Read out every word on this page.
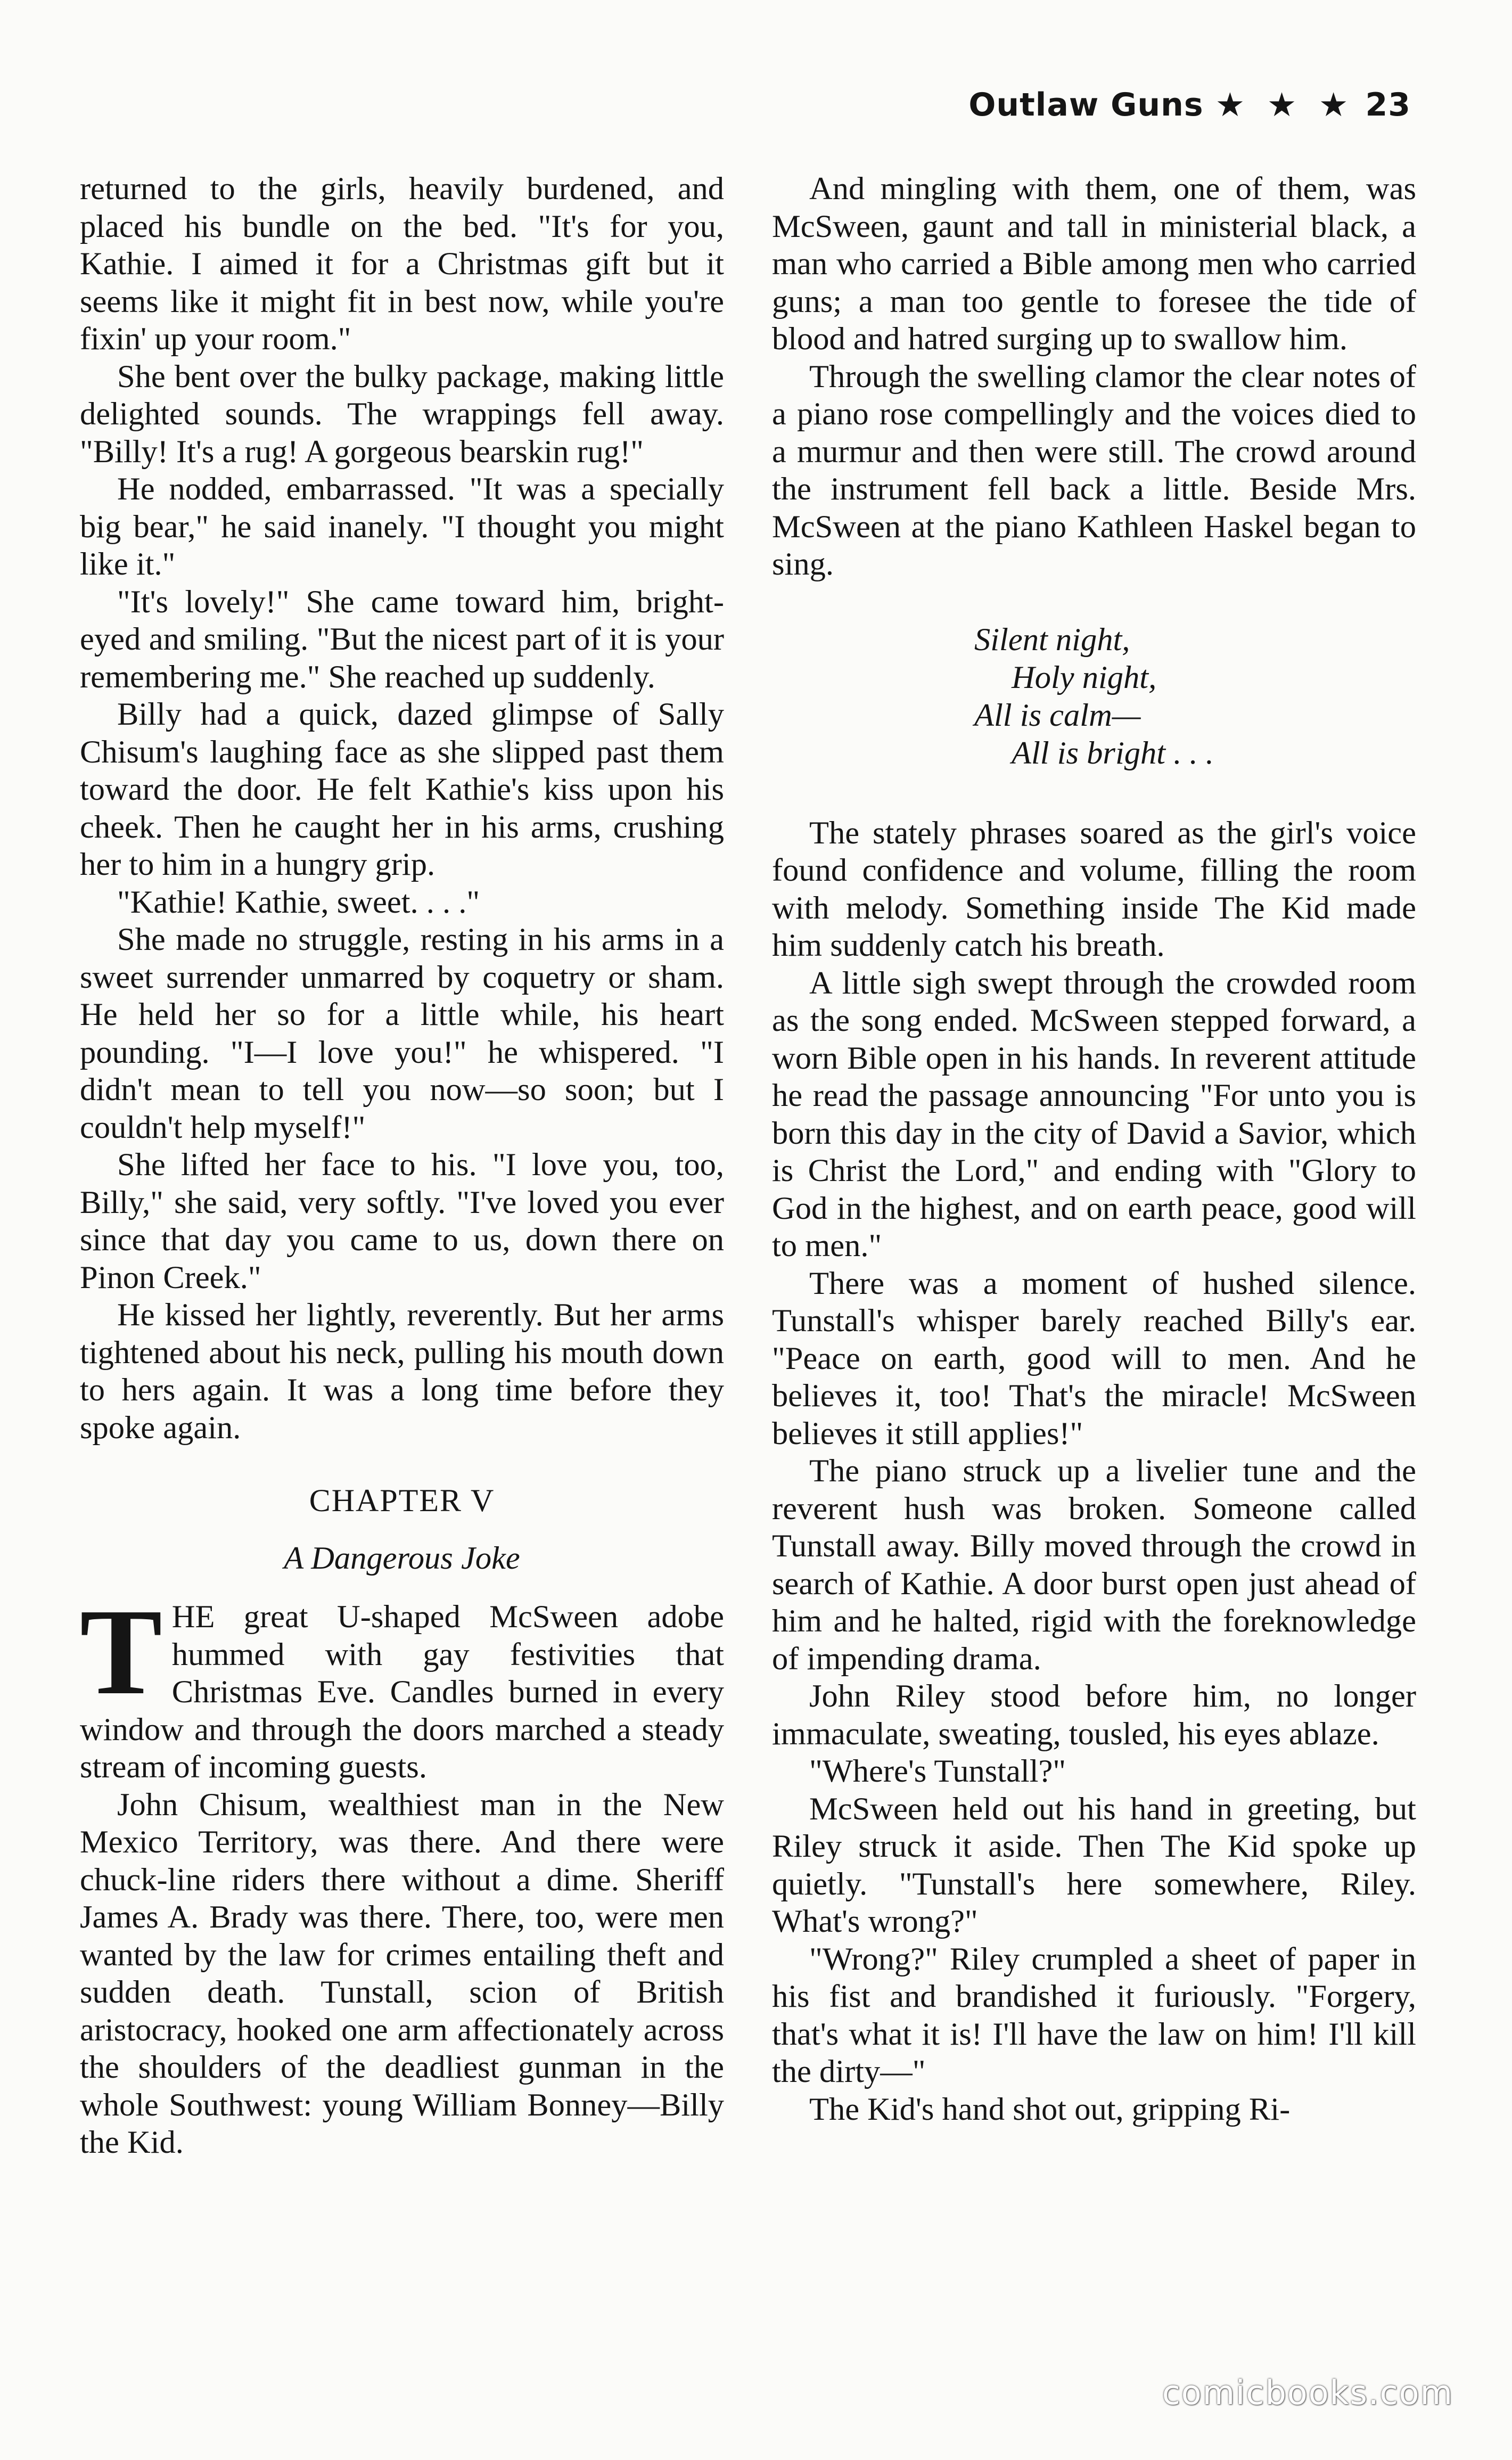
Outlaw Guns ★ ★ ★ 23

returned to the girls, heavily burdened, and placed his bundle on the bed. "It's for you, Kathie. I aimed it for a Christmas gift but it seems like it might fit in best now, while you're fixin' up your room."

She bent over the bulky package, making little delighted sounds. The wrappings fell away. "Billy! It's a rug! A gorgeous bearskin rug!"

He nodded, embarrassed. "It was a specially big bear," he said inanely. "I thought you might like it."

"It's lovely!" She came toward him, bright-eyed and smiling. "But the nicest part of it is your remembering me." She reached up suddenly.

Billy had a quick, dazed glimpse of Sally Chisum's laughing face as she slipped past them toward the door. He felt Kathie's kiss upon his cheek. Then he caught her in his arms, crushing her to him in a hungry grip.

"Kathie! Kathie, sweet. . . ."

She made no struggle, resting in his arms in a sweet surrender unmarred by coquetry or sham. He held her so for a little while, his heart pounding. "I—I love you!" he whispered. "I didn't mean to tell you now—so soon; but I couldn't help myself!"

She lifted her face to his. "I love you, too, Billy," she said, very softly. "I've loved you ever since that day you came to us, down there on Pinon Creek."

He kissed her lightly, reverently. But her arms tightened about his neck, pulling his mouth down to hers again. It was a long time before they spoke again.

CHAPTER V
A Dangerous Joke

THE great U-shaped McSween adobe hummed with gay festivities that Christmas Eve. Candles burned in every window and through the doors marched a steady stream of incoming guests.

John Chisum, wealthiest man in the New Mexico Territory, was there. And there were chuck-line riders there without a dime. Sheriff James A. Brady was there. There, too, were men wanted by the law for crimes entailing theft and sudden death. Tunstall, scion of British aristocracy, hooked one arm affectionately across the shoulders of the deadliest gunman in the whole Southwest: young William Bonney—Billy the Kid.

And mingling with them, one of them, was McSween, gaunt and tall in ministerial black, a man who carried a Bible among men who carried guns; a man too gentle to foresee the tide of blood and hatred surging up to swallow him.

Through the swelling clamor the clear notes of a piano rose compellingly and the voices died to a murmur and then were still. The crowd around the instrument fell back a little. Beside Mrs. McSween at the piano Kathleen Haskel began to sing.

Silent night,
Holy night,
All is calm—
All is bright . . .

The stately phrases soared as the girl's voice found confidence and volume, filling the room with melody. Something inside The Kid made him suddenly catch his breath.

A little sigh swept through the crowded room as the song ended. McSween stepped forward, a worn Bible open in his hands. In reverent attitude he read the passage announcing "For unto you is born this day in the city of David a Savior, which is Christ the Lord," and ending with "Glory to God in the highest, and on earth peace, good will to men."

There was a moment of hushed silence. Tunstall's whisper barely reached Billy's ear. "Peace on earth, good will to men. And he believes it, too! That's the miracle! McSween believes it still applies!"

The piano struck up a livelier tune and the reverent hush was broken. Someone called Tunstall away. Billy moved through the crowd in search of Kathie. A door burst open just ahead of him and he halted, rigid with the foreknowledge of impending drama.

John Riley stood before him, no longer immaculate, sweating, tousled, his eyes ablaze.

"Where's Tunstall?"

McSween held out his hand in greeting, but Riley struck it aside. Then The Kid spoke up quietly. "Tunstall's here somewhere, Riley. What's wrong?"

"Wrong?" Riley crumpled a sheet of paper in his fist and brandished it furiously. "Forgery, that's what it is! I'll have the law on him! I'll kill the dirty—"

The Kid's hand shot out, gripping Ri-

comicbooks.com
